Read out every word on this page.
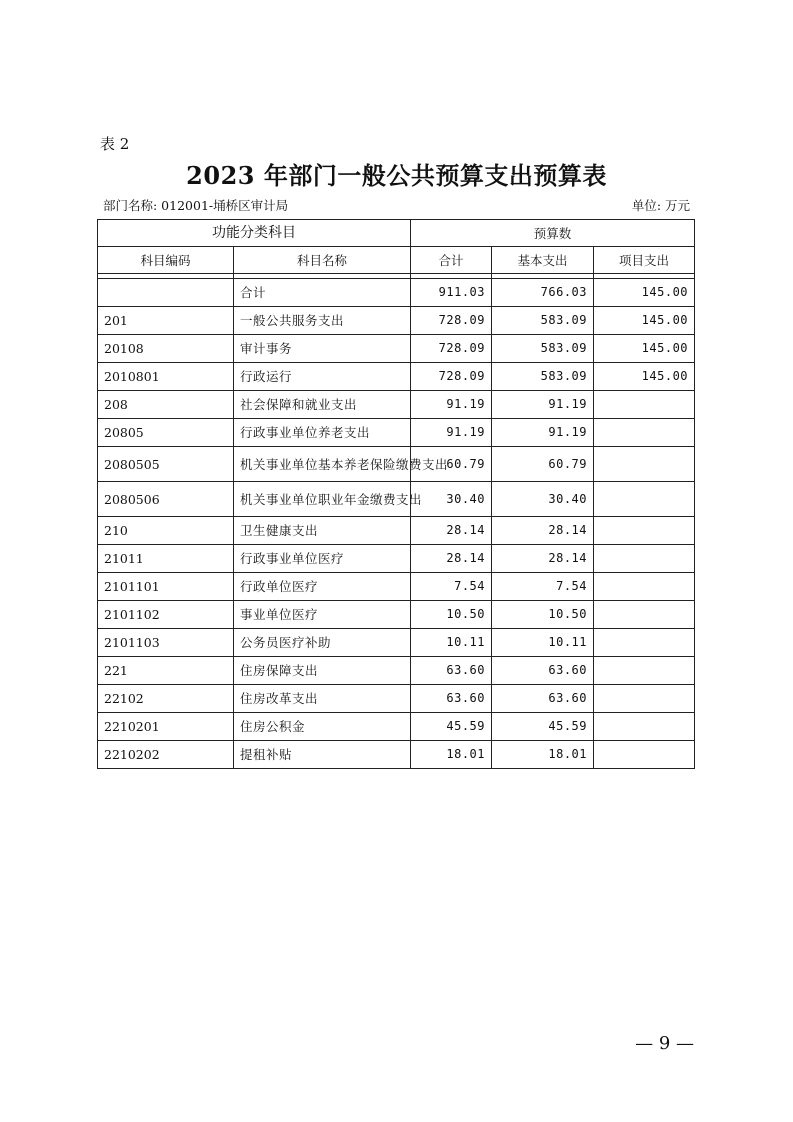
表 2
2023 年部门一般公共预算支出预算表
部门名称: 012001-埇桥区审计局	单位: 万元
功能分类科目		预算数		
科目编码	科目名称	合计	基本支出	项目支出

	合计	911.03	766.03	145.00
201	一般公共服务支出	728.09	583.09	145.00
20108	审计事务	728.09	583.09	145.00
2010801	行政运行	728.09	583.09	145.00
208	社会保障和就业支出	91.19	91.19	
20805	行政事业单位养老支出	91.19	91.19	
2080505	机关事业单位基本养老保险缴费支出	60.79	60.79	
2080506	机关事业单位职业年金缴费支出	30.40	30.40	
210	卫生健康支出	28.14	28.14	
21011	行政事业单位医疗	28.14	28.14	
2101101	行政单位医疗	7.54	7.54	
2101102	事业单位医疗	10.50	10.50	
2101103	公务员医疗补助	10.11	10.11	
221	住房保障支出	63.60	63.60	
22102	住房改革支出	63.60	63.60	
2210201	住房公积金	45.59	45.59	
2210202	提租补贴	18.01	18.01	
— 9 —
